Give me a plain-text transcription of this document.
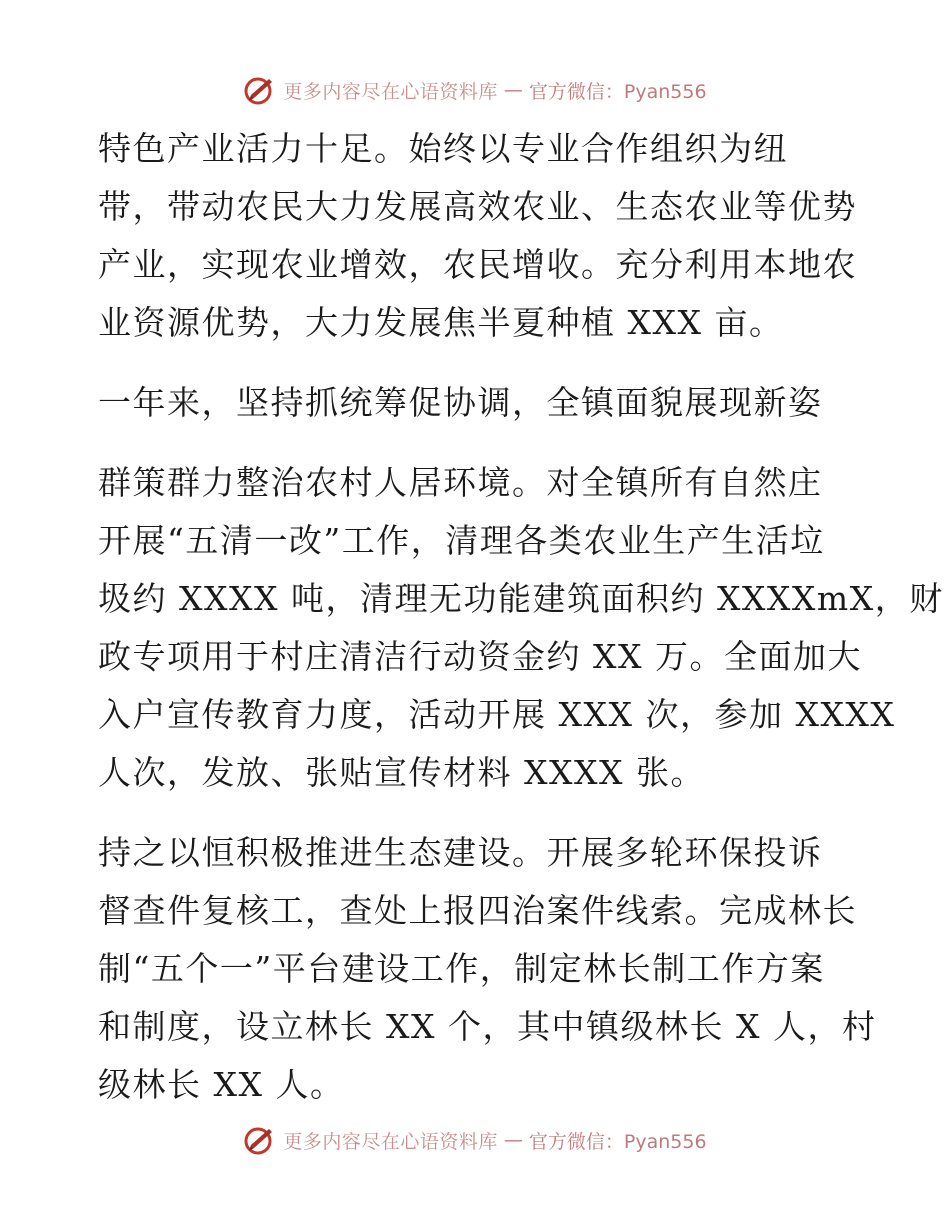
更多内容尽在心语资料库 — 官方微信：Pyan556

特色产业活力十足。始终以专业合作组织为纽
带，带动农民大力发展高效农业、生态农业等优势
产业，实现农业增效，农民增收。充分利用本地农
业资源优势，大力发展焦半夏种植 XXX 亩。

一年来，坚持抓统筹促协调，全镇面貌展现新姿

群策群力整治农村人居环境。对全镇所有自然庄
开展“五清一改”工作，清理各类农业生产生活垃
圾约 XXXX 吨，清理无功能建筑面积约 XXXXmX，财
政专项用于村庄清洁行动资金约 XX 万。全面加大
入户宣传教育力度，活动开展 XXX 次，参加 XXXX
人次，发放、张贴宣传材料 XXXX 张。

持之以恒积极推进生态建设。开展多轮环保投诉
督查件复核工，查处上报四治案件线索。完成林长
制“五个一”平台建设工作，制定林长制工作方案
和制度，设立林长 XX 个，其中镇级林长 X 人，村
级林长 XX 人。

更多内容尽在心语资料库 — 官方微信：Pyan556
